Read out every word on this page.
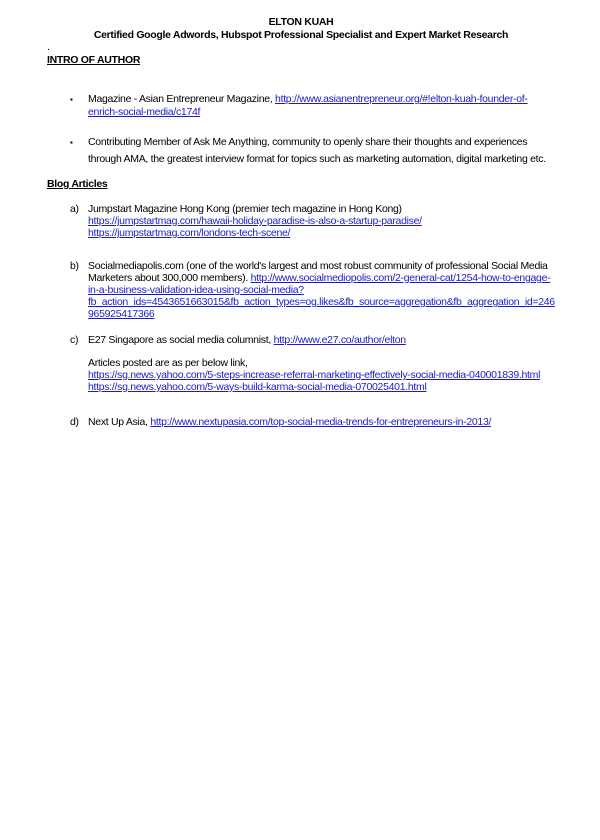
ELTON KUAH
Certified Google Adwords, Hubspot Professional Specialist and Expert Market Research
.
INTRO OF AUTHOR
▪	Magazine - Asian Entrepreneur Magazine, http://www.asianentrepreneur.org/#!elton-kuah-founder-of-enrich-social-media/c174f
▪	Contributing Member of Ask Me Anything, community to openly share their thoughts and experiences through AMA, the greatest interview format for topics such as marketing automation, digital marketing etc.
Blog Articles
a) Jumpstart Magazine Hong Kong (premier tech magazine in Hong Kong)
https://jumpstartmag.com/hawaii-holiday-paradise-is-also-a-startup-paradise/
https://jumpstartmag.com/londons-tech-scene/
b) Socialmediapolis.com (one of the world's largest and most robust community of professional Social Media Marketers about 300,000 members). http://www.socialmediopolis.com/2-general-cat/1254-how-to-engage-in-a-business-validation-idea-using-social-media?fb_action_ids=4543651663015&fb_action_types=og.likes&fb_source=aggregation&fb_aggregation_id=246965925417366
c) E27 Singapore as social media columnist, http://www.e27.co/author/elton
Articles posted are as per below link,
https://sg.news.yahoo.com/5-steps-increase-referral-marketing-effectively-social-media-040001839.html
https://sg.news.yahoo.com/5-ways-build-karma-social-media-070025401.html
d) Next Up Asia, http://www.nextupasia.com/top-social-media-trends-for-entrepreneurs-in-2013/
